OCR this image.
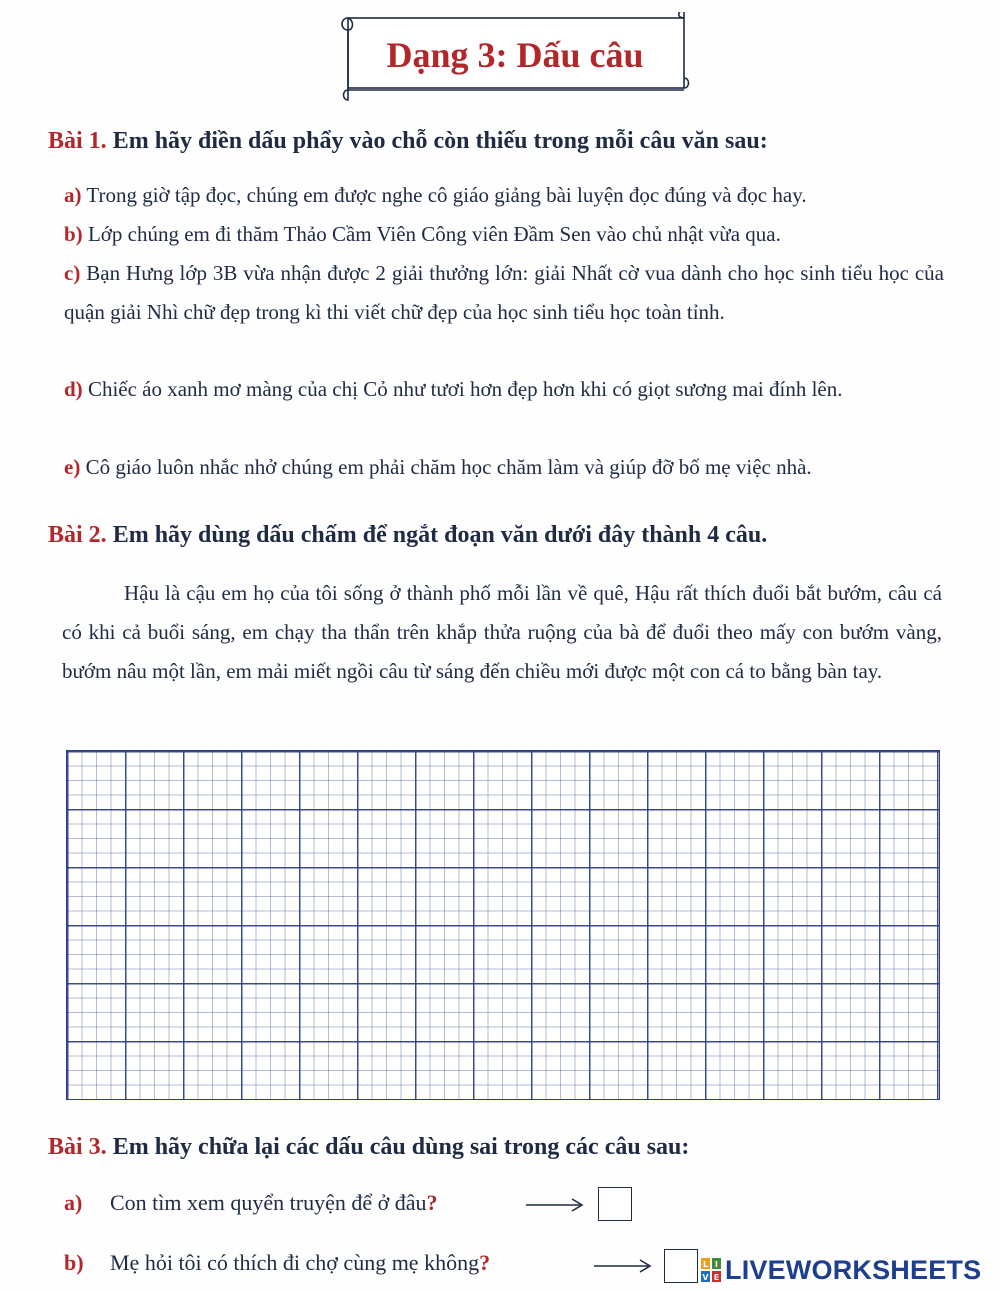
Dạng 3: Dấu câu
Bài 1. Em hãy điền dấu phẩy vào chỗ còn thiếu trong mỗi câu văn sau:
a) Trong giờ tập đọc, chúng em được nghe cô giáo giảng bài luyện đọc đúng và đọc hay.
b) Lớp chúng em đi thăm Thảo Cầm Viên Công viên Đầm Sen vào chủ nhật vừa qua.
c) Bạn Hưng lớp 3B vừa nhận được 2 giải thưởng lớn: giải Nhất cờ vua dành cho học sinh tiểu học của quận giải Nhì chữ đẹp trong kì thi viết chữ đẹp của học sinh tiểu học toàn tỉnh.
d) Chiếc áo xanh mơ màng của chị Cỏ như tươi hơn đẹp hơn khi có giọt sương mai đính lên.
e) Cô giáo luôn nhắc nhở chúng em phải chăm học chăm làm và giúp đỡ bố mẹ việc nhà.
Bài 2. Em hãy dùng dấu chấm để ngắt đoạn văn dưới đây thành 4 câu.
Hậu là cậu em họ của tôi sống ở thành phố mỗi lần về quê, Hậu rất thích đuổi bắt bướm, câu cá có khi cả buổi sáng, em chạy tha thẩn trên khắp thửa ruộng của bà để đuổi theo mấy con bướm vàng, bướm nâu một lần, em mải miết ngồi câu từ sáng đến chiều mới được một con cá to bằng bàn tay.
Bài 3. Em hãy chữa lại các dấu câu dùng sai trong các câu sau:
a) Con tìm xem quyển truyện để ở đâu?
b) Mẹ hỏi tôi có thích đi chợ cùng mẹ không?	L I
V E LIVEWORKSHEETS
